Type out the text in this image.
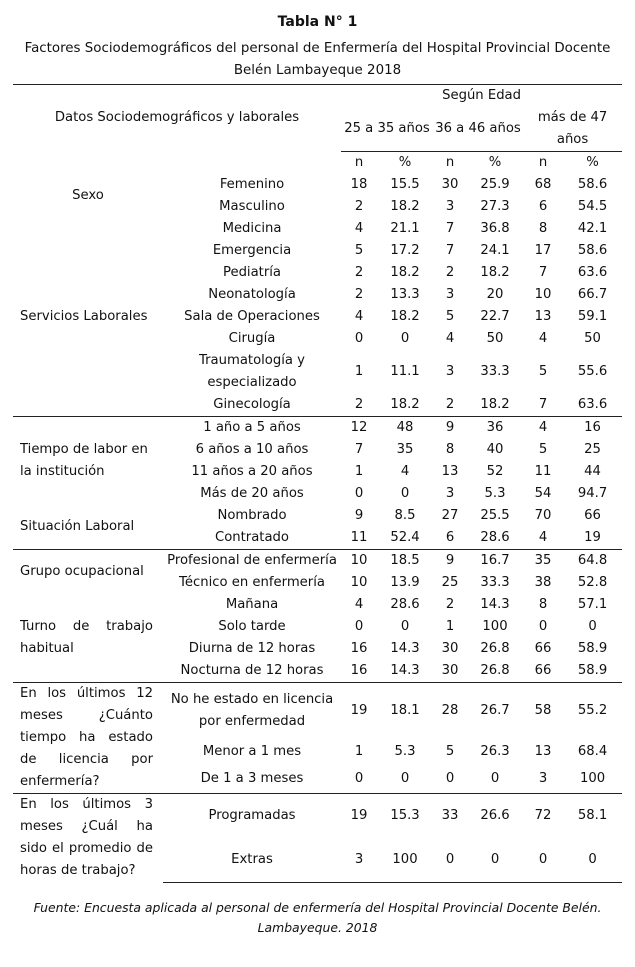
Tabla N° 1
Factores Sociodemográficos del personal de Enfermería del Hospital Provincial Docente Belén Lambayeque 2018
Datos Sociodemográficos y laborales		Según Edad					
		25 a 35 años		36 a 46 años		más de 47 años	

		n	%	n	%	n	%
Sexo	Femenino	18	15.5	30	25.9	68	58.6
	Masculino	2	18.2	3	27.3	6	54.5
Servicios Laborales	Medicina	4	21.1	7	36.8	8	42.1
	Emergencia	5	17.2	7	24.1	17	58.6
	Pediatría	2	18.2	2	18.2	7	63.6
	Neonatología	2	13.3	3	20	10	66.7
	Sala de Operaciones	4	18.2	5	22.7	13	59.1
	Cirugía	0	0	4	50	4	50
	Traumatología y especializado	1	11.1	3	33.3	5	55.6
	Ginecología	2	18.2	2	18.2	7	63.6
Tiempo de labor en la institución	1 año a 5 años	12	48	9	36	4	16
	6 años a 10 años	7	35	8	40	5	25
	11 años a 20 años	1	4	13	52	11	44
	Más de 20 años	0	0	3	5.3	54	94.7
Situación Laboral	Nombrado	9	8.5	27	25.5	70	66
	Contratado	11	52.4	6	28.6	4	19
Grupo ocupacional	Profesional de enfermería	10	18.5	9	16.7	35	64.8
	Técnico en enfermería	10	13.9	25	33.3	38	52.8
Turno de trabajo habitual	Mañana	4	28.6	2	14.3	8	57.1
	Solo tarde	0	0	1	100	0	0
	Diurna de 12 horas	16	14.3	30	26.8	66	58.9
	Nocturna de 12 horas	16	14.3	30	26.8	66	58.9
En los últimos 12 meses ¿Cuánto tiempo ha estado de licencia por enfermería?	No he estado en licencia por enfermedad	19	18.1	28	26.7	58	55.2
	Menor a 1 mes	1	5.3	5	26.3	13	68.4
	De 1 a 3 meses	0	0	0	0	3	100
En los últimos 3 meses ¿Cuál ha sido el promedio de horas de trabajo?	Programadas	19	15.3	33	26.6	72	58.1
	Extras	3	100	0	0	0	0
Fuente: Encuesta aplicada al personal de enfermería del Hospital Provincial Docente Belén. Lambayeque. 2018
